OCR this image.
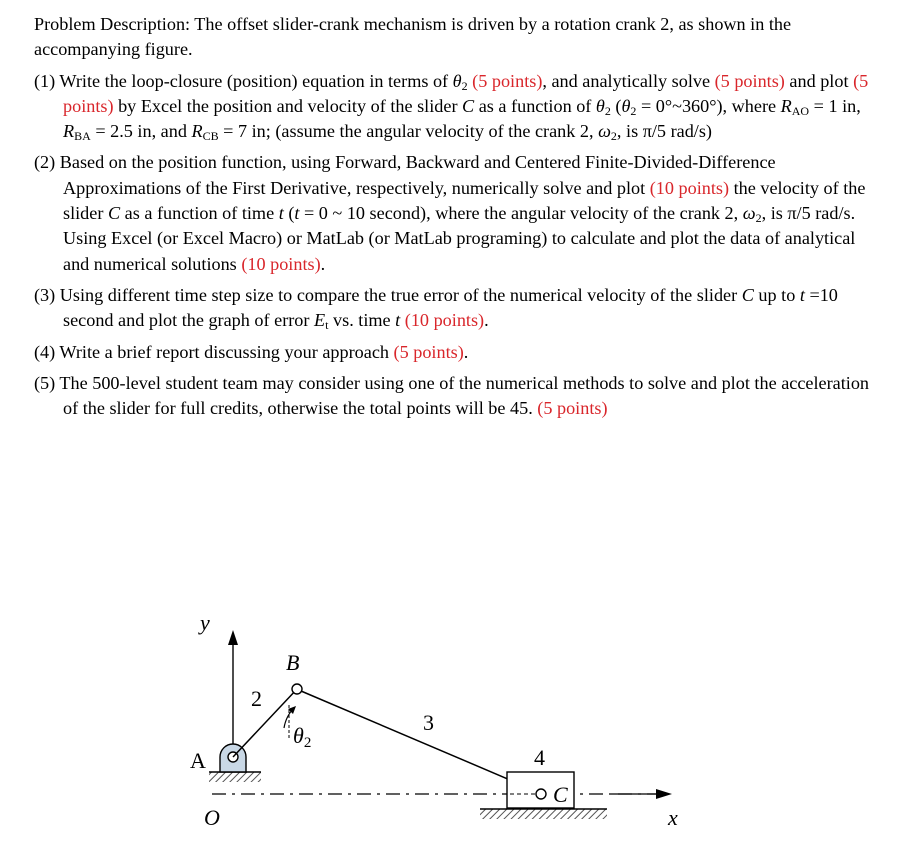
Problem Description: The offset slider-crank mechanism is driven by a rotation crank 2, as shown in the accompanying figure.

(1) Write the loop-closure (position) equation in terms of $\theta_2$ (5 points), and analytically solve (5 points) and plot (5 points) by Excel the position and velocity of the slider C as a function of $\theta_2$ ($\theta_2$ = 0°~360°), where $R_{AO} = 1$ in, $R_{BA} = 2.5$ in, and $R_{CB} = 7$ in; (assume the angular velocity of the crank 2, $\omega_2$, is π/5 rad/s)

(2) Based on the position function, using Forward, Backward and Centered Finite-Divided-Difference Approximations of the First Derivative, respectively, numerically solve and plot (10 points) the velocity of the slider C as a function of time t (t = 0 ~ 10 second), where the angular velocity of the crank 2, $\omega_2$, is π/5 rad/s. Using Excel (or Excel Macro) or MatLab (or MatLab programing) to calculate and plot the data of analytical and numerical solutions (10 points).

(3) Using different time step size to compare the true error of the numerical velocity of the slider C up to t =10 second and plot the graph of error $E_t$ vs. time t (10 points).

(4) Write a brief report discussing your approach (5 points).

(5) The 500-level student team may consider using one of the numerical methods to solve and plot the acceleration of the slider for full credits, otherwise the total points will be 45. (5 points)

y
x
A
O
B
2
θ2
3
4
C
